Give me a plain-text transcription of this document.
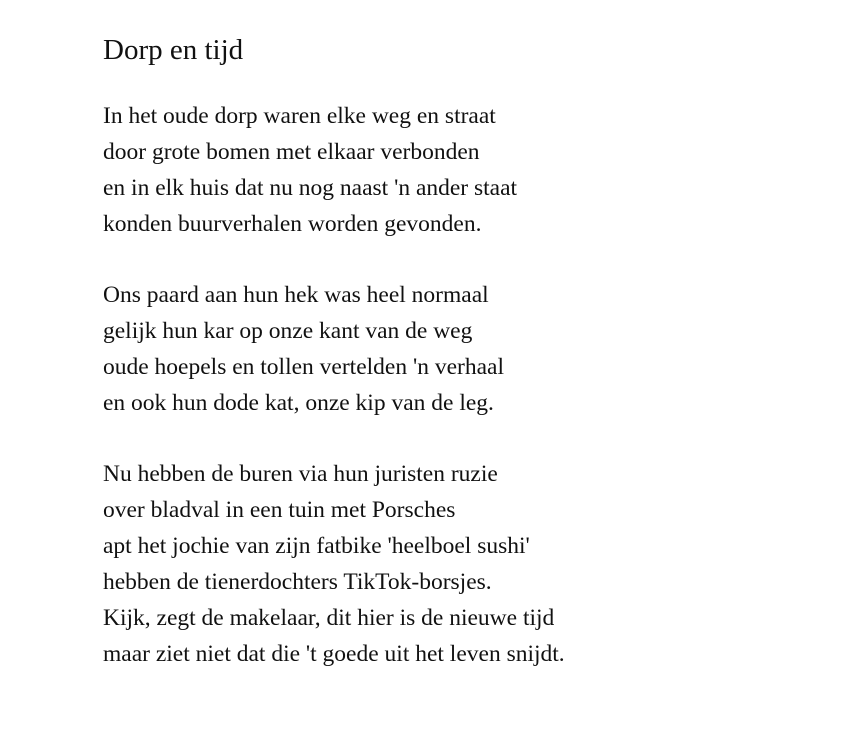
Dorp en tijd
In het oude dorp waren elke weg en straat
door grote bomen met elkaar verbonden
en in elk huis dat nu nog naast 'n ander staat
konden buurverhalen worden gevonden.
Ons paard aan hun hek was heel normaal
gelijk hun kar op onze kant van de weg
oude hoepels en tollen vertelden 'n verhaal
en ook hun dode kat, onze kip van de leg.
Nu hebben de buren via hun juristen ruzie
over bladval in een tuin met Porsches
apt het jochie van zijn fatbike 'heelboel sushi'
hebben de tienerdochters TikTok-borsjes.
Kijk, zegt de makelaar, dit hier is de nieuwe tijd
maar ziet niet dat die 't goede uit het leven snijdt.
